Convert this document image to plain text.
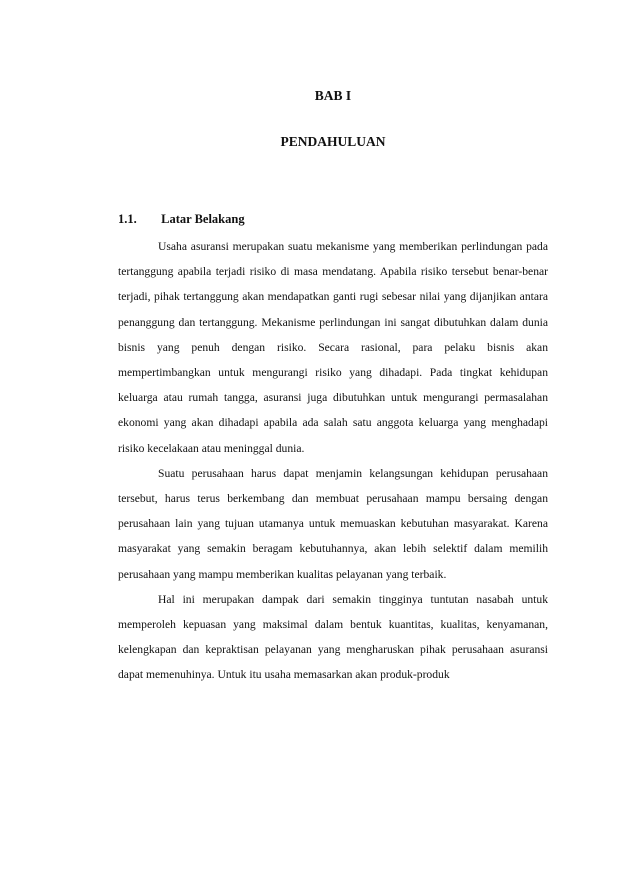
BAB I
PENDAHULUAN
1.1. Latar Belakang

Usaha asuransi merupakan suatu mekanisme yang memberikan perlindungan pada tertanggung apabila terjadi risiko di masa mendatang. Apabila risiko tersebut benar-benar terjadi, pihak tertanggung akan mendapatkan ganti rugi sebesar nilai yang dijanjikan antara penanggung dan tertanggung. Mekanisme perlindungan ini sangat dibutuhkan dalam dunia bisnis yang penuh dengan risiko. Secara rasional, para pelaku bisnis akan mempertimbangkan untuk mengurangi risiko yang dihadapi. Pada tingkat kehidupan keluarga atau rumah tangga, asuransi juga dibutuhkan untuk mengurangi permasalahan ekonomi yang akan dihadapi apabila ada salah satu anggota keluarga yang menghadapi risiko kecelakaan atau meninggal dunia.

Suatu perusahaan harus dapat menjamin kelangsungan kehidupan perusahaan tersebut, harus terus berkembang dan membuat perusahaan mampu bersaing dengan perusahaan lain yang tujuan utamanya untuk memuaskan kebutuhan masyarakat. Karena masyarakat yang semakin beragam kebutuhannya, akan lebih selektif dalam memilih perusahaan yang mampu memberikan kualitas pelayanan yang terbaik.

Hal ini merupakan dampak dari semakin tingginya tuntutan nasabah untuk memperoleh kepuasan yang maksimal dalam bentuk kuantitas, kualitas, kenyamanan, kelengkapan dan kepraktisan pelayanan yang mengharuskan pihak perusahaan asuransi dapat memenuhinya. Untuk itu usaha memasarkan akan produk-produk
